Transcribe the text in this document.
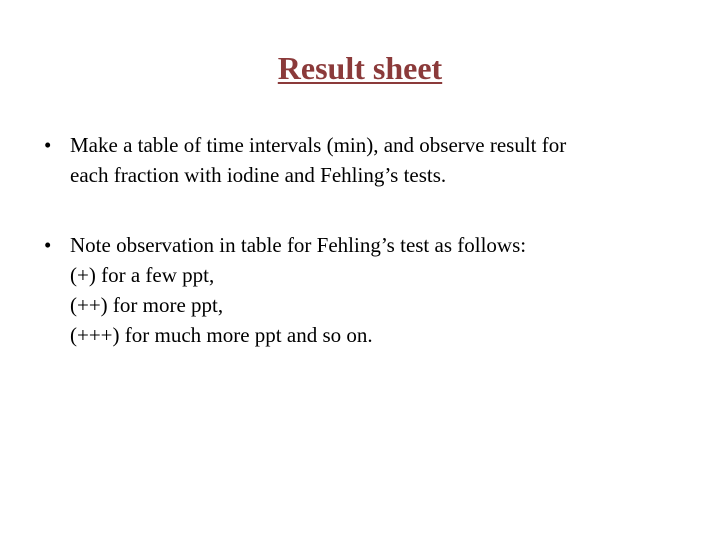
Result sheet
• Make a table of time intervals (min), and observe result for
each fraction with iodine and Fehling’s tests.
• Note observation in table for Fehling’s test as follows:
(+) for a few ppt,
(++) for more ppt,
(+++) for much more ppt and so on.
